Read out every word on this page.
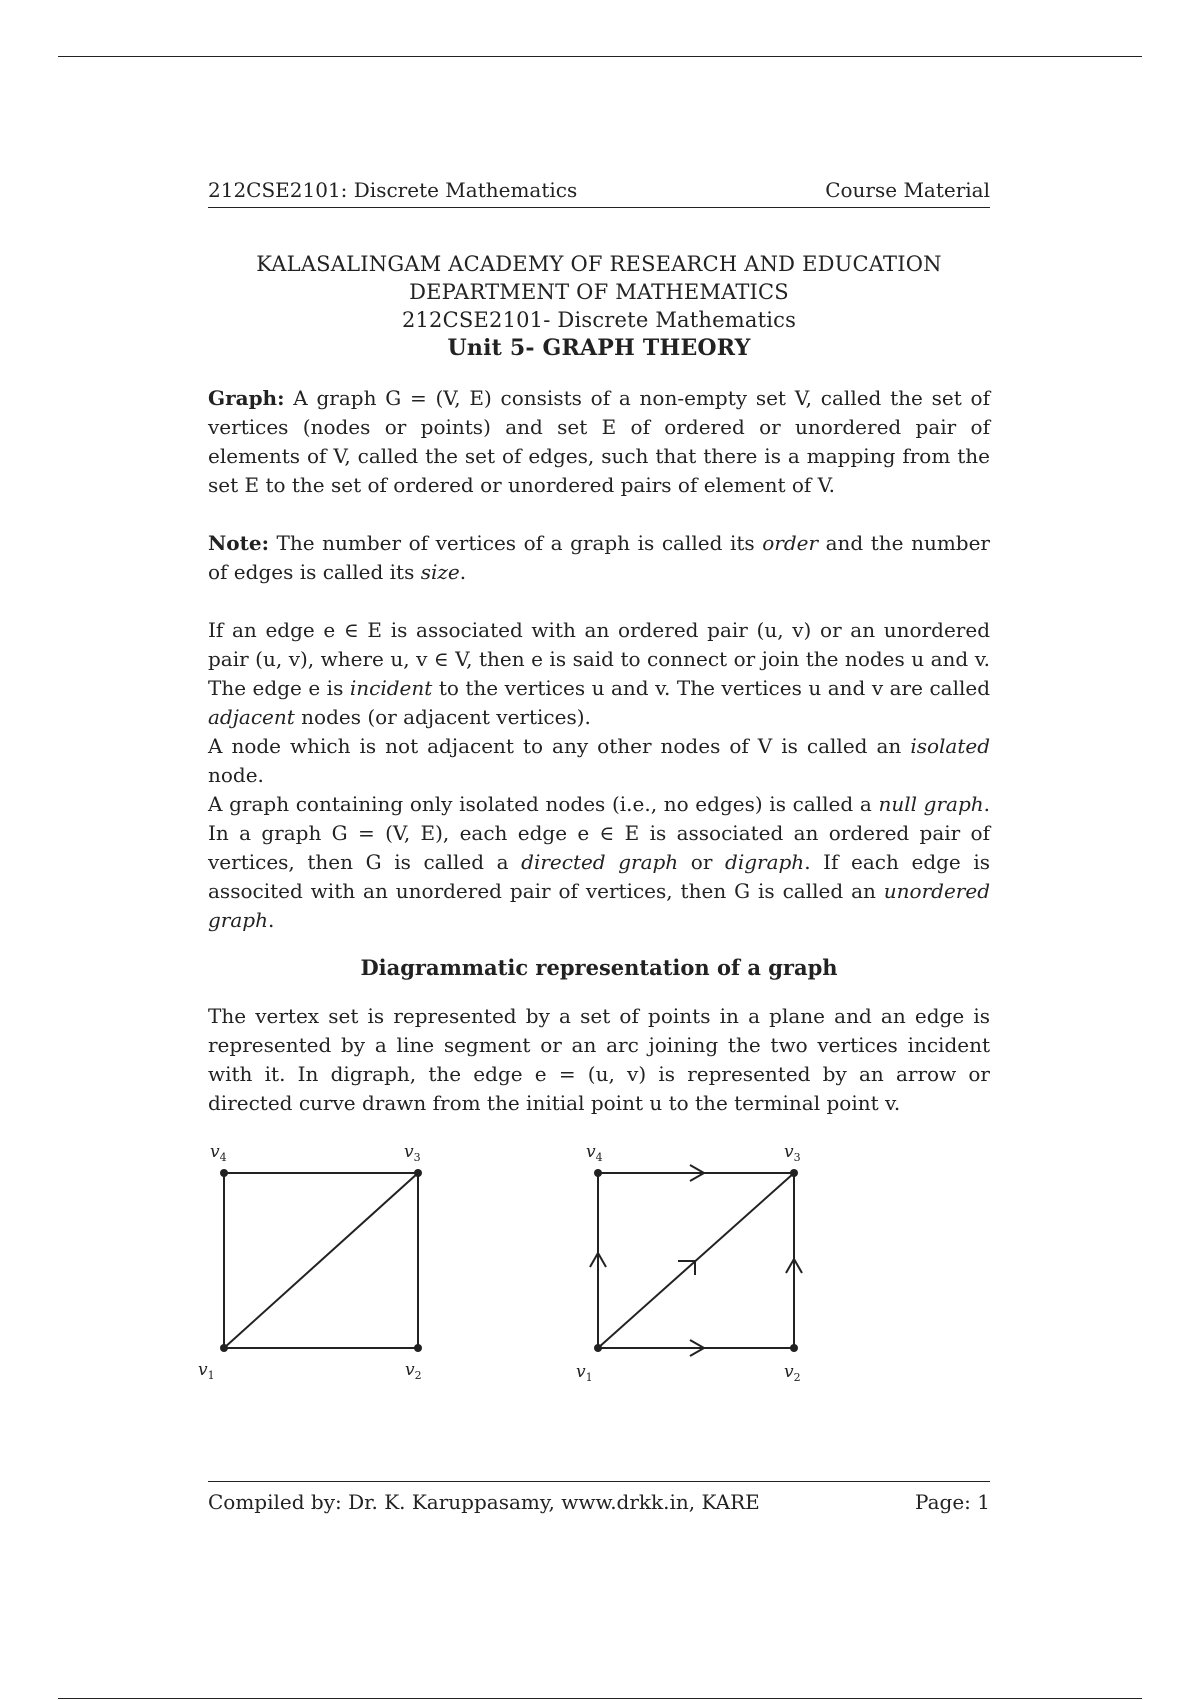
212CSE2101: Discrete Mathematics	Course Material
KALASALINGAM ACADEMY OF RESEARCH AND EDUCATION
DEPARTMENT OF MATHEMATICS
212CSE2101- Discrete Mathematics
Unit 5- GRAPH THEORY

Graph: A graph G = (V, E) consists of a non-empty set V, called the set of vertices (nodes or points) and set E of ordered or unordered pair of elements of V, called the set of edges, such that there is a mapping from the set E to the set of ordered or unordered pairs of element of V.

Note: The number of vertices of a graph is called its order and the number of edges is called its size.

If an edge e ∈ E is associated with an ordered pair (u, v) or an unordered pair (u, v), where u, v ∈ V, then e is said to connect or join the nodes u and v. The edge e is incident to the vertices u and v. The vertices u and v are called adjacent nodes (or adjacent vertices).

A node which is not adjacent to any other nodes of V is called an isolated node.

A graph containing only isolated nodes (i.e., no edges) is called a null graph. In a graph G = (V, E), each edge e ∈ E is associated an ordered pair of vertices, then G is called a directed graph or digraph. If each edge is associted with an unordered pair of vertices, then G is called an unordered graph.

Diagrammatic representation of a graph

The vertex set is represented by a set of points in a plane and an edge is represented by a line segment or an arc joining the two vertices incident with it. In digraph, the edge e = (u, v) is represented by an arrow or directed curve drawn from the initial point u to the terminal point v.

$v_4$	$v_3$
$v_1$	$v_2$
$v_4$	$v_3$
$v_1$	$v_2$
Compiled by: Dr. K. Karuppasamy, www.drkk.in, KARE	Page: 1
